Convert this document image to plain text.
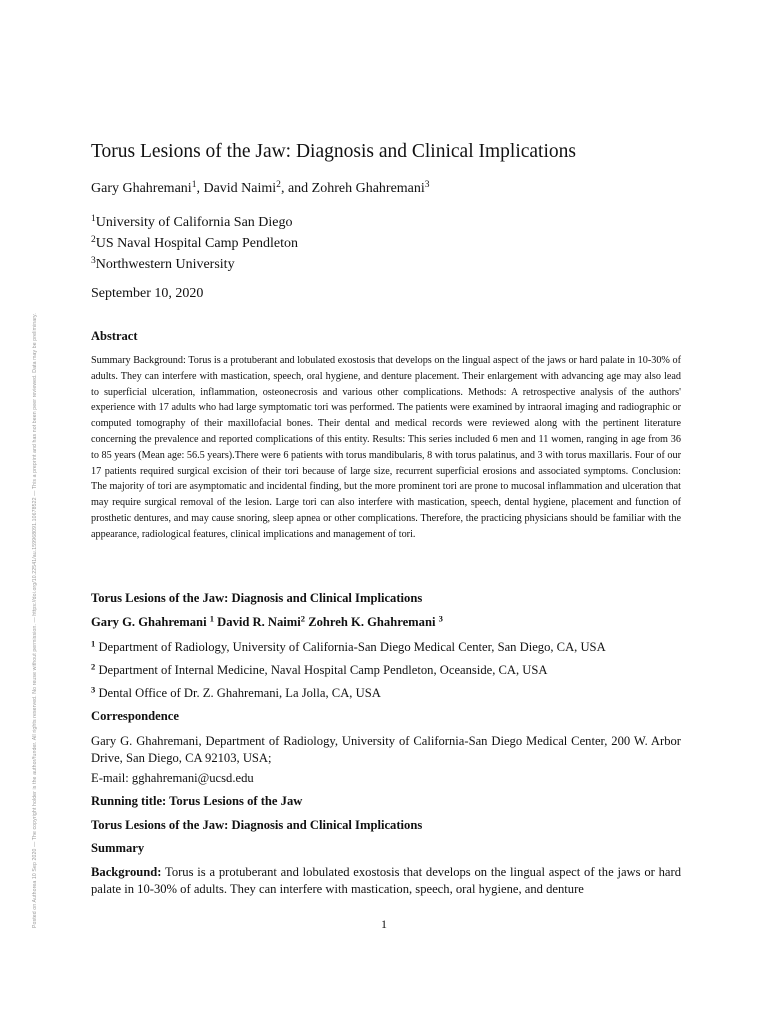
Posted on Authorea 10 Sep 2020 — The copyright holder is the author/funder. All rights reserved. No reuse without permission. — https://doi.org/10.22541/au.159968091.10678522 — This a preprint and has not been peer reviewed. Data may be preliminary.
Torus Lesions of the Jaw: Diagnosis and Clinical Implications
Gary Ghahremani$^1$, David Naimi$^2$, and Zohreh Ghahremani$^3$
$^1$University of California San Diego
$^2$US Naval Hospital Camp Pendleton
$^3$Northwestern University
September 10, 2020
Abstract
Summary Background: Torus is a protuberant and lobulated exostosis that develops on the lingual aspect of the jaws or hard palate in 10-30% of adults. They can interfere with mastication, speech, oral hygiene, and denture placement. Their enlargement with advancing age may also lead to superficial ulceration, inflammation, osteonecrosis and various other complications. Methods: A retrospective analysis of the authors' experience with 17 adults who had large symptomatic tori was performed. The patients were examined by intraoral imaging and radiographic or computed tomography of their maxillofacial bones. Their dental and medical records were reviewed along with the pertinent literature concerning the prevalence and reported complications of this entity. Results: This series included 6 men and 11 women, ranging in age from 36 to 85 years (Mean age: 56.5 years).There were 6 patients with torus mandibularis, 8 with torus palatinus, and 3 with torus maxillaris. Four of our 17 patients required surgical excision of their tori because of large size, recurrent superficial erosions and associated symptoms. Conclusion: The majority of tori are asymptomatic and incidental finding, but the more prominent tori are prone to mucosal inflammation and ulceration that may require surgical removal of the lesion. Large tori can also interfere with mastication, speech, dental hygiene, placement and function of prosthetic dentures, and may cause snoring, sleep apnea or other complications. Therefore, the practicing physicians should be familiar with the appearance, radiological features, clinical implications and management of tori.
Torus Lesions of the Jaw: Diagnosis and Clinical Implications
Gary G. Ghahremani $^1$ David R. Naimi$^2$ Zohreh K. Ghahremani $^3$
$^1$ Department of Radiology, University of California-San Diego Medical Center, San Diego, CA, USA
$^2$ Department of Internal Medicine, Naval Hospital Camp Pendleton, Oceanside, CA, USA
$^3$ Dental Office of Dr. Z. Ghahremani, La Jolla, CA, USA
Correspondence
Gary G. Ghahremani, Department of Radiology, University of California-San Diego Medical Center, 200 W. Arbor Drive, San Diego, CA 92103, USA;
E-mail: gghahremani@ucsd.edu
Running title: Torus Lesions of the Jaw
Torus Lesions of the Jaw: Diagnosis and Clinical Implications
Summary
Background: Torus is a protuberant and lobulated exostosis that develops on the lingual aspect of the jaws or hard palate in 10-30% of adults. They can interfere with mastication, speech, oral hygiene, and denture
1
